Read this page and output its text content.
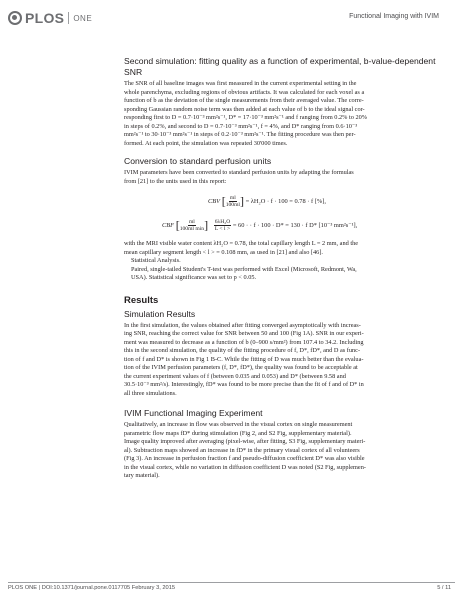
PLOS ONE	Functional Imaging with IVIM
Second simulation: fitting quality as a function of experimental, b-value-dependent SNR

The SNR of all baseline images was first measured in the current experimental setting in the
whole parenchyma, excluding regions of obvious artifacts. It was calculated for each voxel as a
function of b as the deviation of the single measurements from their averaged value. The corre-
sponding Gaussian random noise term was then added at each value of b to the ideal signal cor-
responding first to D = 0.7·10⁻³ mm²s⁻¹, D* = 17·10⁻³ mm²s⁻¹ and f ranging from 0.2% to 20%
in steps of 0.2%, and second to D = 0.7·10⁻³ mm²s⁻¹, f = 4%, and D* ranging from 0.6·10⁻³
mm²s⁻¹ to 30·10⁻³ mm²s⁻¹ in steps of 0.2·10⁻³ mm²s⁻¹. The fitting procedure was then per-
formed. At each point, the simulation was repeated 30'000 times.

Conversion to standard perfusion units

IVIM parameters have been converted to standard perfusion units by adapting the formulas
from [21] to the units used in this report:

CBV [ $\frac{ml}{100ml}$ ] = λH₂O · f · 100 = 0.78 · f [%],
CBF [ $\frac{ml}{\text{100ml min}}$ ] $\frac{\text{6λH₂O}}{L < l >} = 60$ · · f · 100 · D* = 130 · f D* [10⁻³ mm²s⁻¹],

with the MRI visible water content λH₂O = 0.78, the total capillary length L = 2 mm, and the
mean capillary segment length < l > = 0.108 mm, as used in [21] and also [46].

Statistical Analysis.

Paired, single-tailed Student's T-test was performed with Excel (Microsoft, Redmont, Wa,
USA). Statistical significance was set to p < 0.05.

Results
Simulation Results

In the first simulation, the values obtained after fitting converged asymptotically with increas-
ing SNR, reaching the correct value for SNR between 50 and 100 (Fig 1A). SNR in our experi-
ment was measured to decrease as a function of b (0–900 s/mm²) from 107.4 to 34.2. Including
this in the second simulation, the quality of the fitting procedure of f, D*, fD*, and D as func-
tion of f and D* is shown in Fig 1 B-C. While the fitting of D was much better than the evalua-
tion of the IVIM perfusion parameters (f, D*, fD*), the quality was found to be acceptable at
the current experiment values of f (between 0.035 and 0.053) and D* (between 9.58 and
30.5·10⁻³ mm²/s). Interestingly, fD* was found to be more precise than the fit of f and of D* in
all three simulations.

IVIM Functional Imaging Experiment

Qualitatively, an increase in flow was observed in the visual cortex on single measurement
parametric flow maps fD* during stimulation (Fig 2, and S2 Fig, supplementary material).
Image quality improved after averaging (pixel-wise, after fitting, S3 Fig, supplementary materi-
al). Subtraction maps showed an increase in fD* in the primary visual cortex of all volunteers
(Fig 3). An increase in perfusion fraction f and pseudo-diffusion coefficient D* was also visible
in the visual cortex, while no variation in diffusion coefficient D was noted (S2 Fig, supplemen-
tary material).

PLOS ONE | DOI:10.1371/journal.pone.0117705 February 3, 2015	5 / 11
